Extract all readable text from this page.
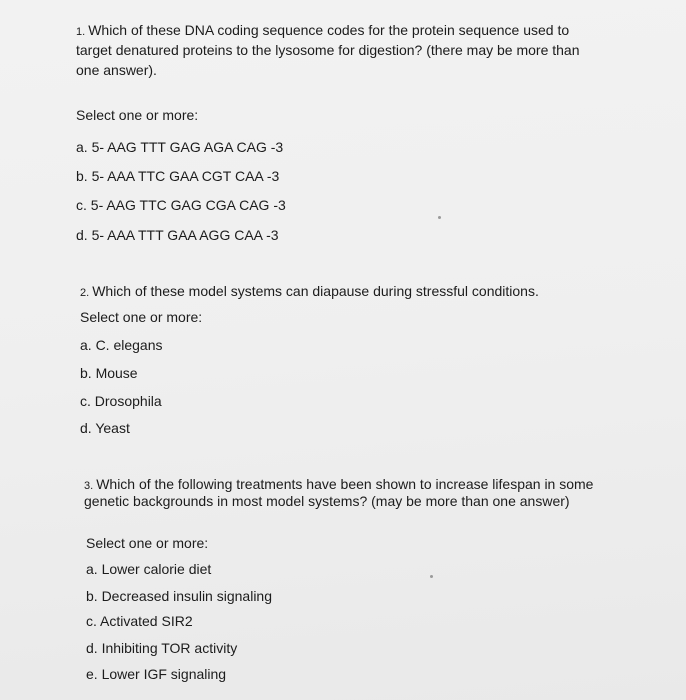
1. Which of these DNA coding sequence codes for the protein sequence used to
target denatured proteins to the lysosome for digestion? (there may be more than
one answer).
Select one or more:
a. 5- AAG TTT GAG AGA CAG -3
b. 5- AAA TTC GAA CGT CAA -3
c. 5- AAG TTC GAG CGA CAG -3
d. 5- AAA TTT GAA AGG CAA -3
2. Which of these model systems can diapause during stressful conditions.
Select one or more:
a. C. elegans
b. Mouse
c. Drosophila
d. Yeast
3. Which of the following treatments have been shown to increase lifespan in some
genetic backgrounds in most model systems? (may be more than one answer)
Select one or more:
a. Lower calorie diet
b. Decreased insulin signaling
c. Activated SIR2
d. Inhibiting TOR activity
e. Lower IGF signaling
